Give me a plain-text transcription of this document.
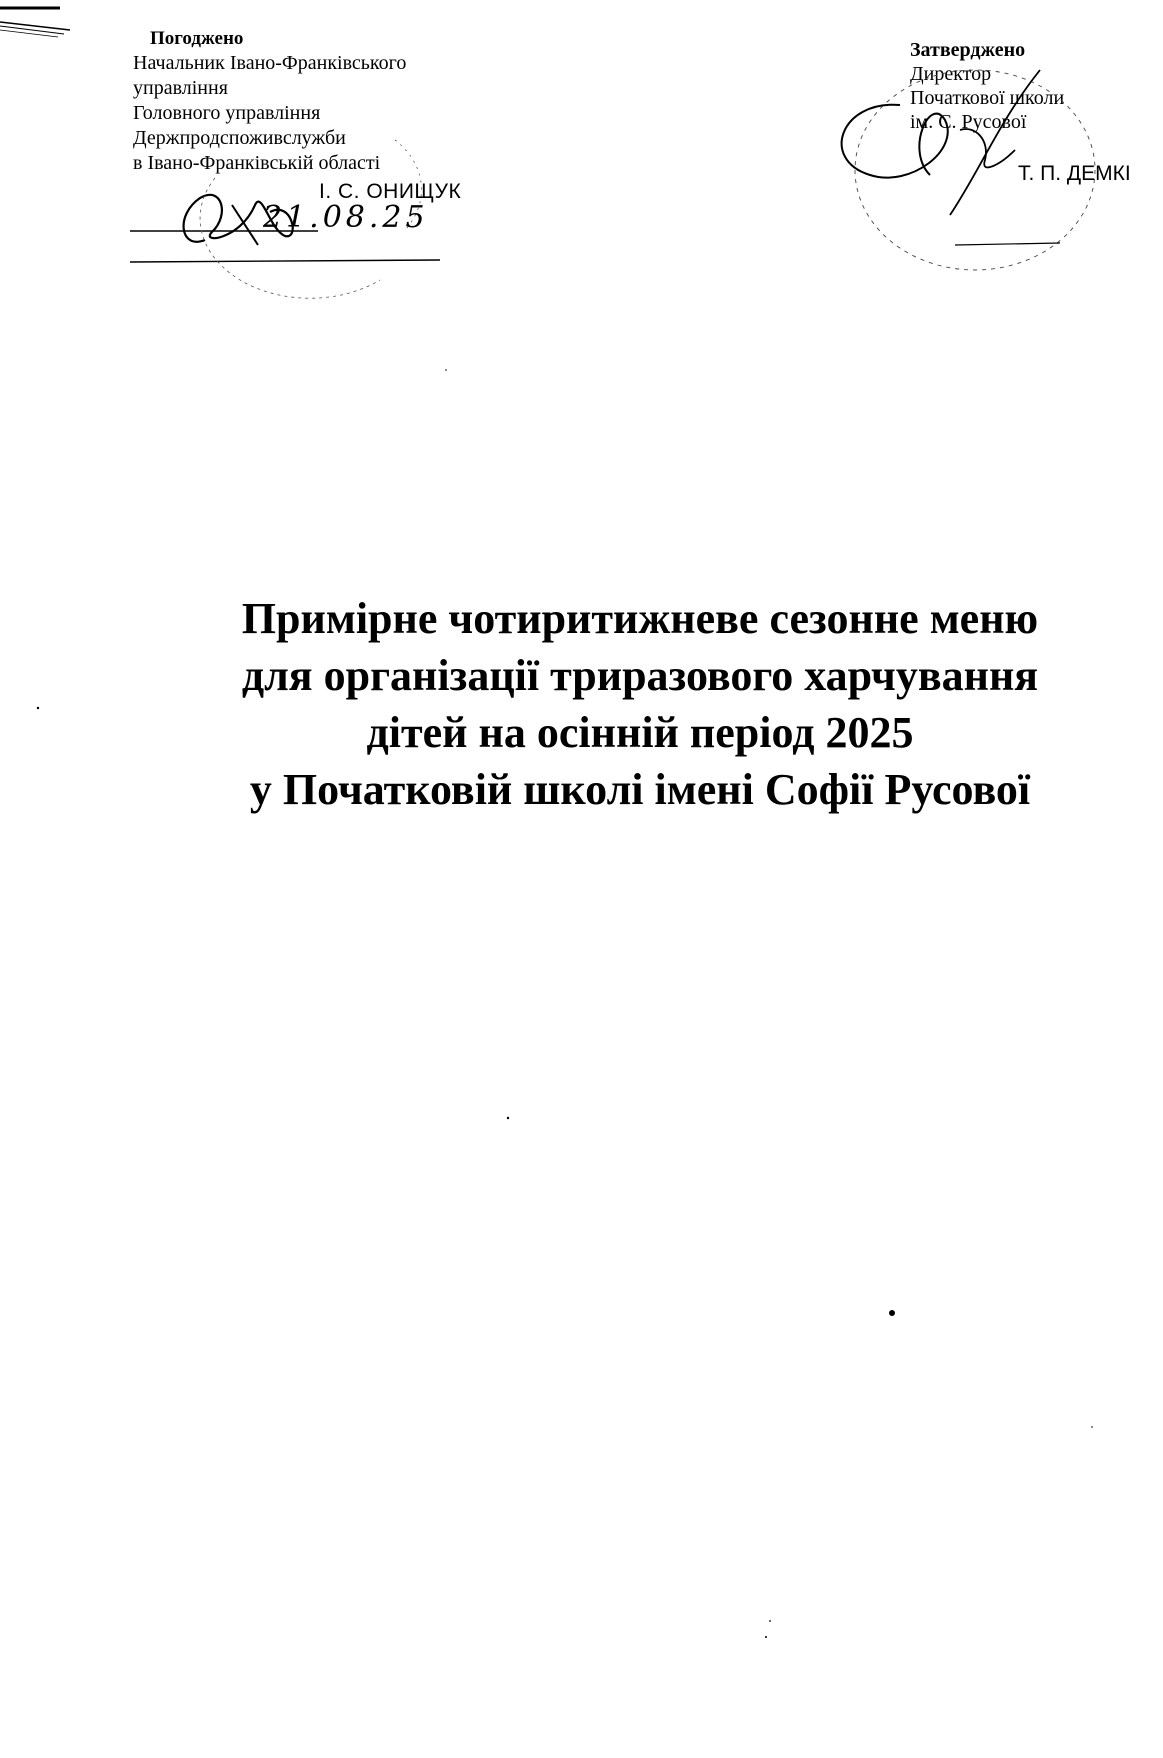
Погоджено
Начальник Івано-Франківського
управління
Головного управління
Держпродспоживслужби
в Івано-Франківській області
І. С. ОНИЩУК
21.08.25
Затверджено
Директор
Початкової школи
ім. С. Русової
Т. П. ДЕМКІ
Примірне чотиритижневе сезонне меню
для організації триразового харчування
дітей на осінній період 2025
у Початковій школі імені Софії Русової
